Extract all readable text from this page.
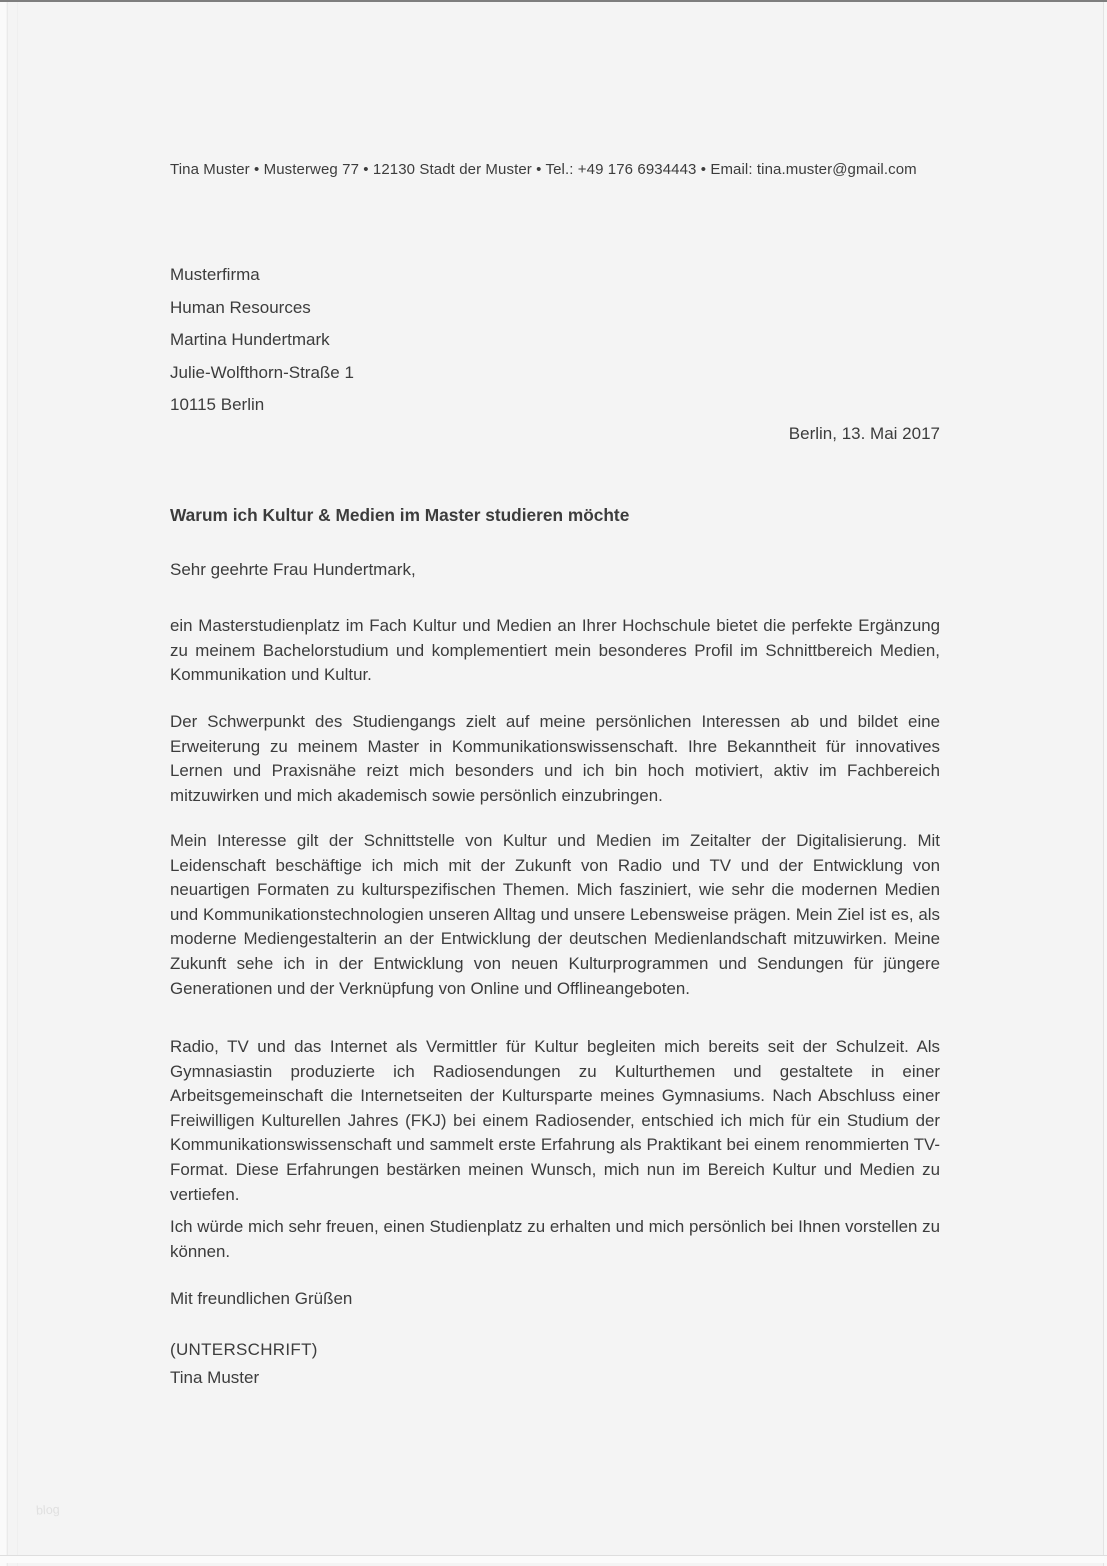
Tina Muster • Musterweg 77 • 12130 Stadt der Muster • Tel.: +49 176 6934443 • Email: tina.muster@gmail.com
Musterfirma
Human Resources
Martina Hundertmark
Julie-Wolfthorn-Straße 1
10115 Berlin
Berlin, 13. Mai 2017
Warum ich Kultur & Medien im Master studieren möchte
Sehr geehrte Frau Hundertmark,
ein Masterstudienplatz im Fach Kultur und Medien an Ihrer Hochschule bietet die perfekte Ergänzung zu meinem Bachelorstudium und komplementiert mein besonderes Profil im Schnittbereich Medien, Kommunikation und Kultur.
Der Schwerpunkt des Studiengangs zielt auf meine persönlichen Interessen ab und bildet eine Erweiterung zu meinem Master in Kommunikationswissenschaft. Ihre Bekanntheit für innovatives Lernen und Praxisnähe reizt mich besonders und ich bin hoch motiviert, aktiv im Fachbereich mitzuwirken und mich akademisch sowie persönlich einzubringen.
Mein Interesse gilt der Schnittstelle von Kultur und Medien im Zeitalter der Digitalisierung. Mit Leidenschaft beschäftige ich mich mit der Zukunft von Radio und TV und der Entwicklung von neuartigen Formaten zu kulturspezifischen Themen. Mich fasziniert, wie sehr die modernen Medien und Kommunikationstechnologien unseren Alltag und unsere Lebensweise prägen. Mein Ziel ist es, als moderne Mediengestalterin an der Entwicklung der deutschen Medienlandschaft mitzuwirken. Meine Zukunft sehe ich in der Entwicklung von neuen Kulturprogrammen und Sendungen für jüngere Generationen und der Verknüpfung von Online und Offlineangeboten.
Radio, TV und das Internet als Vermittler für Kultur begleiten mich bereits seit der Schulzeit. Als Gymnasiastin produzierte ich Radiosendungen zu Kulturthemen und gestaltete in einer Arbeitsgemeinschaft die Internetseiten der Kultursparte meines Gymnasiums. Nach Abschluss einer Freiwilligen Kulturellen Jahres (FKJ) bei einem Radiosender, entschied ich mich für ein Studium der Kommunikationswissenschaft und sammelt erste Erfahrung als Praktikant bei einem renommierten TV-Format. Diese Erfahrungen bestärken meinen Wunsch, mich nun im Bereich Kultur und Medien zu vertiefen.
Ich würde mich sehr freuen, einen Studienplatz zu erhalten und mich persönlich bei Ihnen vorstellen zu können.
Mit freundlichen Grüßen
(UNTERSCHRIFT)
Tina Muster
blog
